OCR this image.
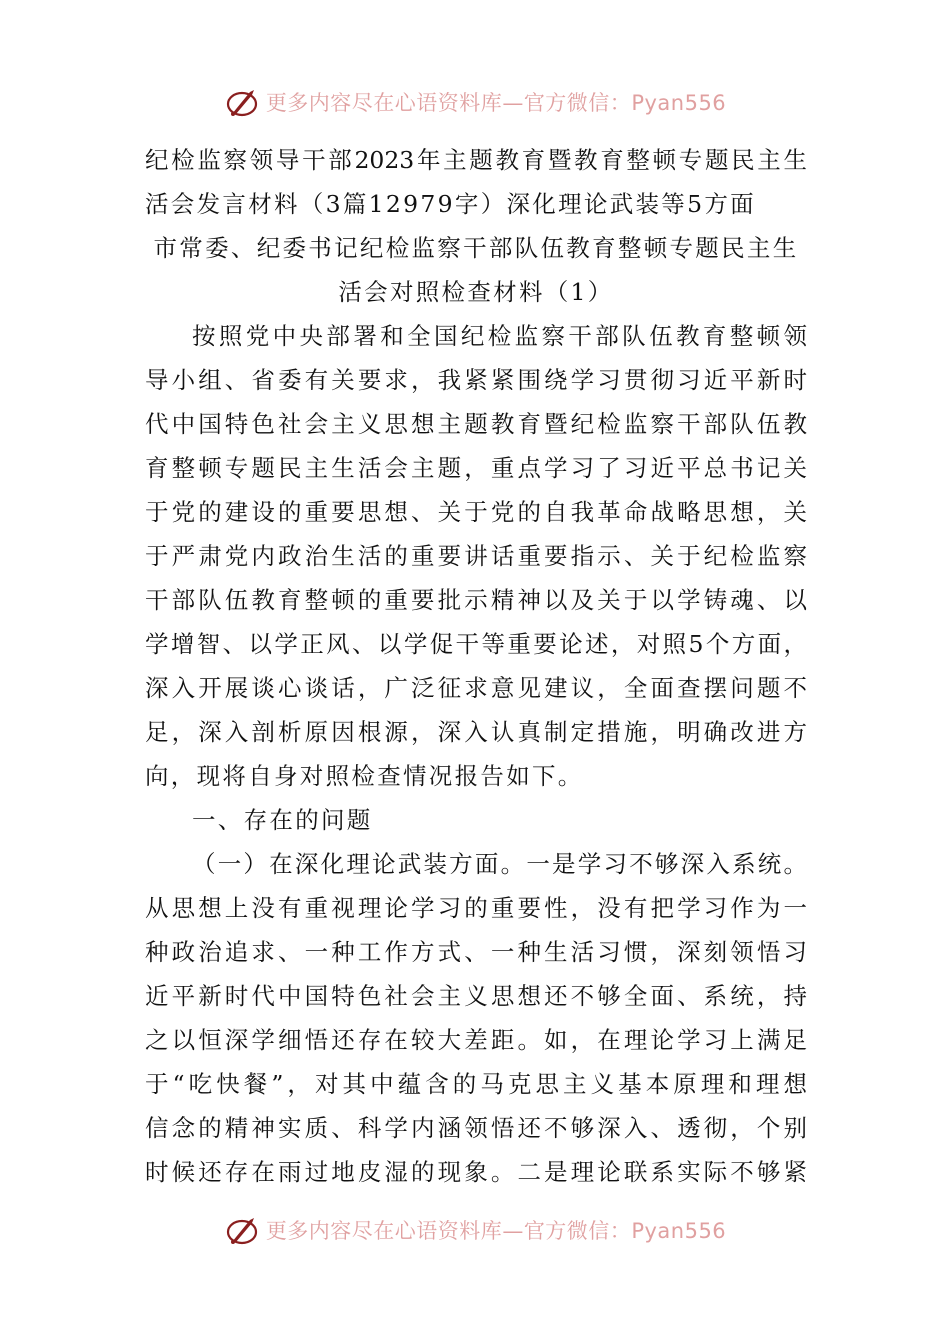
更多内容尽在心语资料库—官方微信：Pyan556
纪检监察领导干部2023年主题教育暨教育整顿专题民主生
活会发言材料（3篇12979字）深化理论武装等5方面
市常委、纪委书记纪检监察干部队伍教育整顿专题民主生
活会对照检查材料（1）
按照党中央部署和全国纪检监察干部队伍教育整顿领
导小组、省委有关要求，我紧紧围绕学习贯彻习近平新时
代中国特色社会主义思想主题教育暨纪检监察干部队伍教
育整顿专题民主生活会主题，重点学习了习近平总书记关
于党的建设的重要思想、关于党的自我革命战略思想，关
于严肃党内政治生活的重要讲话重要指示、关于纪检监察
干部队伍教育整顿的重要批示精神以及关于以学铸魂、以
学增智、以学正风、以学促干等重要论述，对照5个方面，
深入开展谈心谈话，广泛征求意见建议，全面查摆问题不
足，深入剖析原因根源，深入认真制定措施，明确改进方
向，现将自身对照检查情况报告如下。
一、存在的问题
（一）在深化理论武装方面。一是学习不够深入系统。
从思想上没有重视理论学习的重要性，没有把学习作为一
种政治追求、一种工作方式、一种生活习惯，深刻领悟习
近平新时代中国特色社会主义思想还不够全面、系统，持
之以恒深学细悟还存在较大差距。如，在理论学习上满足
于“吃快餐”，对其中蕴含的马克思主义基本原理和理想
信念的精神实质、科学内涵领悟还不够深入、透彻，个别
时候还存在雨过地皮湿的现象。二是理论联系实际不够紧
更多内容尽在心语资料库—官方微信：Pyan556
